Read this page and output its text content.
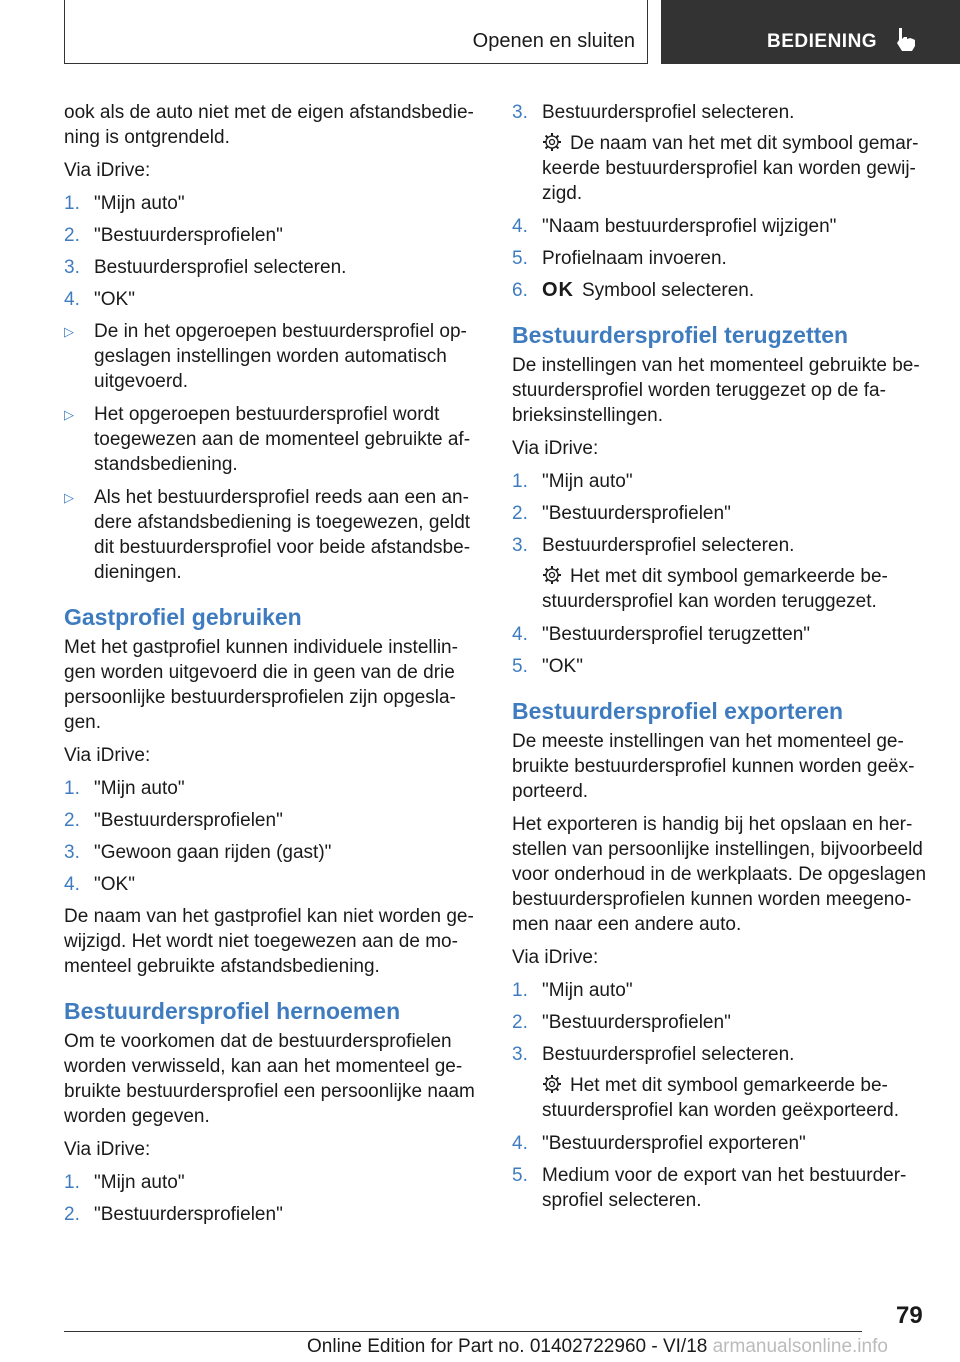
Openen en sluiten	BEDIENING

ook als de auto niet met de eigen afstandsbediening is ontgrendeld.

Via iDrive:

1. "Mijn auto"
2. "Bestuurdersprofielen"
3. Bestuurdersprofiel selecteren.
4. "OK"
▷	De in het opgeroepen bestuurdersprofiel opgeslagen instellingen worden automatisch uitgevoerd.
▷	Het opgeroepen bestuurdersprofiel wordt toegewezen aan de momenteel gebruikte afstandsbediening.
▷	Als het bestuurdersprofiel reeds aan een andere afstandsbediening is toegewezen, geldt dit bestuurdersprofiel voor beide afstandsbedieningen.
Gastprofiel gebruiken

Met het gastprofiel kunnen individuele instellingen worden uitgevoerd die in geen van de drie persoonlijke bestuurdersprofielen zijn opgeslagen.

Via iDrive:

1. "Mijn auto"
2. "Bestuurdersprofielen"
3. "Gewoon gaan rijden (gast)"
4. "OK"

De naam van het gastprofiel kan niet worden gewijzigd. Het wordt niet toegewezen aan de momenteel gebruikte afstandsbediening.

Bestuurdersprofiel hernoemen

Om te voorkomen dat de bestuurdersprofielen worden verwisseld, kan aan het momenteel gebruikte bestuurdersprofiel een persoonlijke naam worden gegeven.

Via iDrive:

1. "Mijn auto"
2. "Bestuurdersprofielen"
3. Bestuurdersprofiel selecteren.
De naam van het met dit symbool gemarkeerde bestuurdersprofiel kan worden gewijzigd.
4. "Naam bestuurdersprofiel wijzigen"
5. Profielnaam invoeren.
6. OK Symbool selecteren.
Bestuurdersprofiel terugzetten

De instellingen van het momenteel gebruikte bestuurdersprofiel worden teruggezet op de fabrieksinstellingen.

Via iDrive:

1. "Mijn auto"
2. "Bestuurdersprofielen"
3. Bestuurdersprofiel selecteren.
Het met dit symbool gemarkeerde bestuurdersprofiel kan worden teruggezet.
4. "Bestuurdersprofiel terugzetten"
5. "OK"
Bestuurdersprofiel exporteren

De meeste instellingen van het momenteel gebruikte bestuurdersprofiel kunnen worden geëxporteerd.

Het exporteren is handig bij het opslaan en herstellen van persoonlijke instellingen, bijvoorbeeld voor onderhoud in de werkplaats. De opgeslagen bestuurdersprofielen kunnen worden meegenomen naar een andere auto.

Via iDrive:

1. "Mijn auto"
2. "Bestuurdersprofielen"
3. Bestuurdersprofiel selecteren.
Het met dit symbool gemarkeerde bestuurdersprofiel kan worden geëxporteerd.
4. "Bestuurdersprofiel exporteren"
5. Medium voor de export van het bestuurdersprofiel selecteren.
79
Online Edition for Part no. 01402722960 - VI/18 armanualsonline.info
